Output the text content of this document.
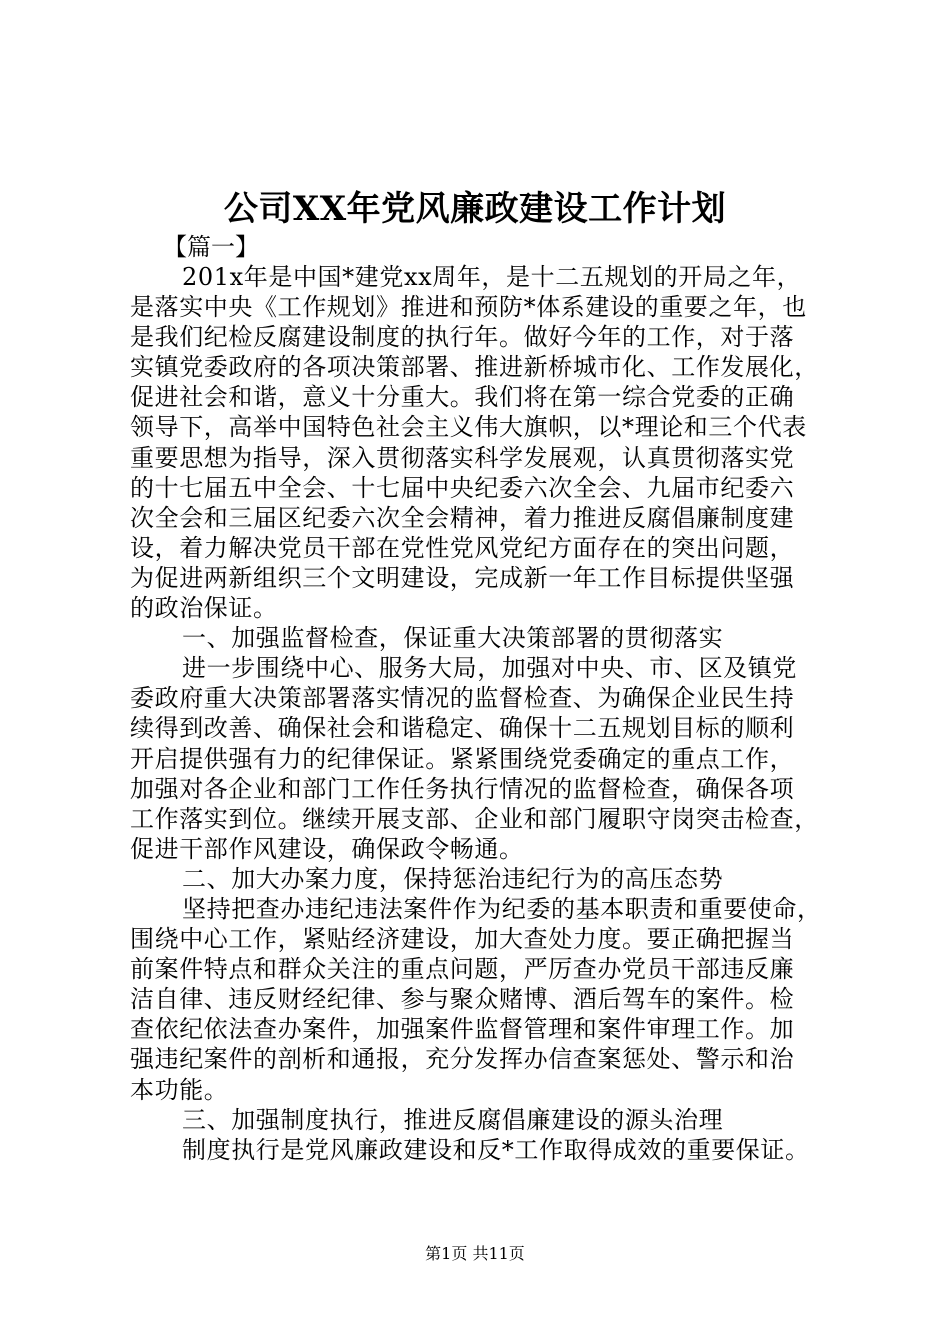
公司XX年党风廉政建设工作计划
【篇一】
201x年是中国*建党xx周年，是十二五规划的开局之年，
是落实中央《工作规划》推进和预防*体系建设的重要之年，也
是我们纪检反腐建设制度的执行年。做好今年的工作，对于落
实镇党委政府的各项决策部署、推进新桥城市化、工作发展化，
促进社会和谐，意义十分重大。我们将在第一综合党委的正确
领导下，高举中国特色社会主义伟大旗帜，以*理论和三个代表
重要思想为指导，深入贯彻落实科学发展观，认真贯彻落实党
的十七届五中全会、十七届中央纪委六次全会、九届市纪委六
次全会和三届区纪委六次全会精神，着力推进反腐倡廉制度建
设，着力解决党员干部在党性党风党纪方面存在的突出问题，
为促进两新组织三个文明建设，完成新一年工作目标提供坚强
的政治保证。
一、加强监督检查，保证重大决策部署的贯彻落实
进一步围绕中心、服务大局，加强对中央、市、区及镇党
委政府重大决策部署落实情况的监督检查、为确保企业民生持
续得到改善、确保社会和谐稳定、确保十二五规划目标的顺利
开启提供强有力的纪律保证。紧紧围绕党委确定的重点工作，
加强对各企业和部门工作任务执行情况的监督检查，确保各项
工作落实到位。继续开展支部、企业和部门履职守岗突击检查，
促进干部作风建设，确保政令畅通。
二、加大办案力度，保持惩治违纪行为的高压态势
坚持把查办违纪违法案件作为纪委的基本职责和重要使命，
围绕中心工作，紧贴经济建设，加大查处力度。要正确把握当
前案件特点和群众关注的重点问题，严厉查办党员干部违反廉
洁自律、违反财经纪律、参与聚众赌博、酒后驾车的案件。检
查依纪依法查办案件，加强案件监督管理和案件审理工作。加
强违纪案件的剖析和通报，充分发挥办信查案惩处、警示和治
本功能。
三、加强制度执行，推进反腐倡廉建设的源头治理
制度执行是党风廉政建设和反*工作取得成效的重要保证。
第1页 共11页
